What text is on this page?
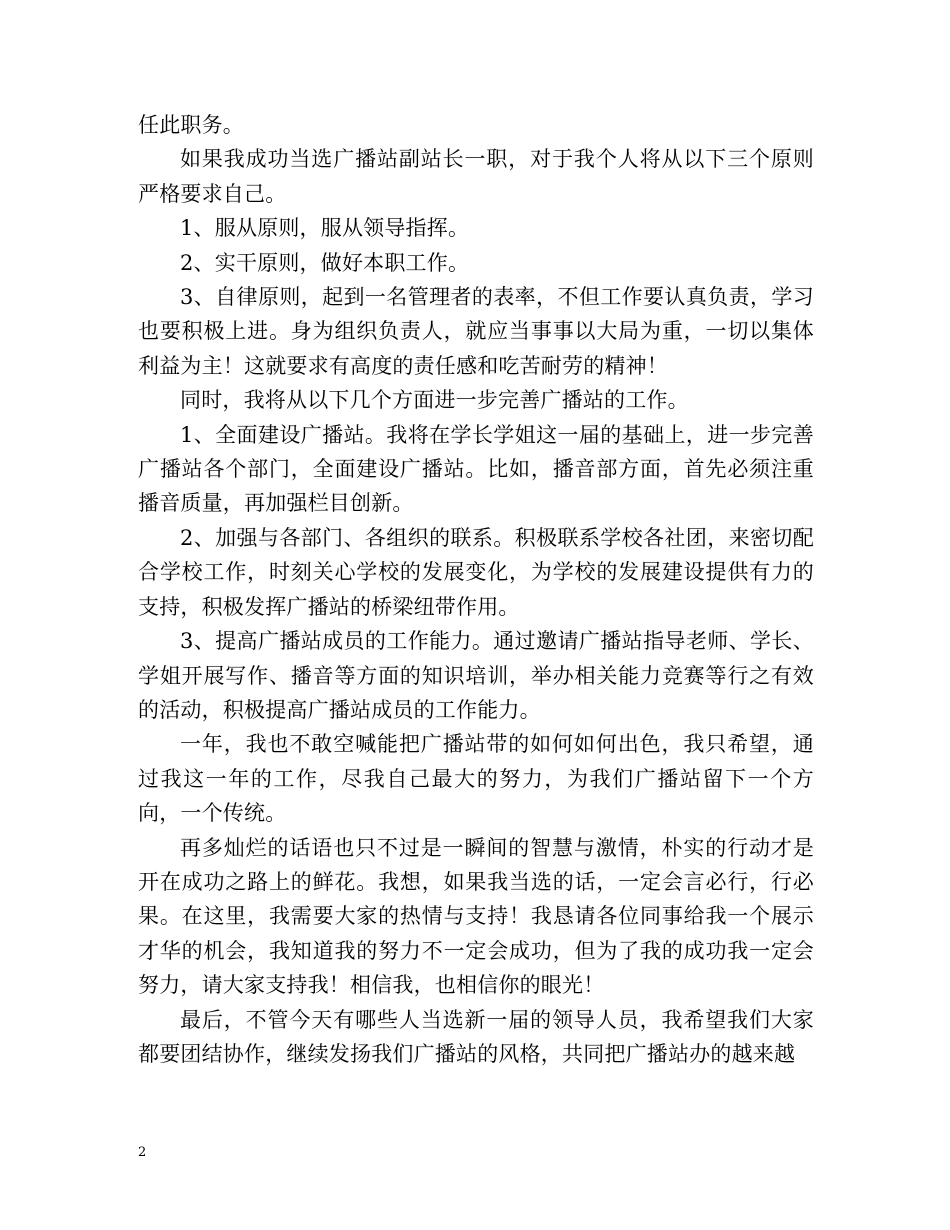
任此职务。

如果我成功当选广播站副站长一职，对于我个人将从以下三个原则严格要求自己。

1、服从原则，服从领导指挥。

2、实干原则，做好本职工作。

3、自律原则，起到一名管理者的表率，不但工作要认真负责，学习也要积极上进。身为组织负责人，就应当事事以大局为重，一切以集体利益为主！这就要求有高度的责任感和吃苦耐劳的精神！

同时，我将从以下几个方面进一步完善广播站的工作。

1、全面建设广播站。我将在学长学姐这一届的基础上，进一步完善广播站各个部门，全面建设广播站。比如，播音部方面，首先必须注重播音质量，再加强栏目创新。

2、加强与各部门、各组织的联系。积极联系学校各社团，来密切配合学校工作，时刻关心学校的发展变化，为学校的发展建设提供有力的支持，积极发挥广播站的桥梁纽带作用。

3、提高广播站成员的工作能力。通过邀请广播站指导老师、学长、学姐开展写作、播音等方面的知识培训，举办相关能力竞赛等行之有效的活动，积极提高广播站成员的工作能力。

一年，我也不敢空喊能把广播站带的如何如何出色，我只希望，通过我这一年的工作，尽我自己最大的努力，为我们广播站留下一个方向，一个传统。

再多灿烂的话语也只不过是一瞬间的智慧与激情，朴实的行动才是开在成功之路上的鲜花。我想，如果我当选的话，一定会言必行，行必果。在这里，我需要大家的热情与支持！我恳请各位同事给我一个展示才华的机会，我知道我的努力不一定会成功，但为了我的成功我一定会努力，请大家支持我！相信我，也相信你的眼光！

最后，不管今天有哪些人当选新一届的领导人员，我希望我们大家都要团结协作，继续发扬我们广播站的风格，共同把广播站办的越来越

2
